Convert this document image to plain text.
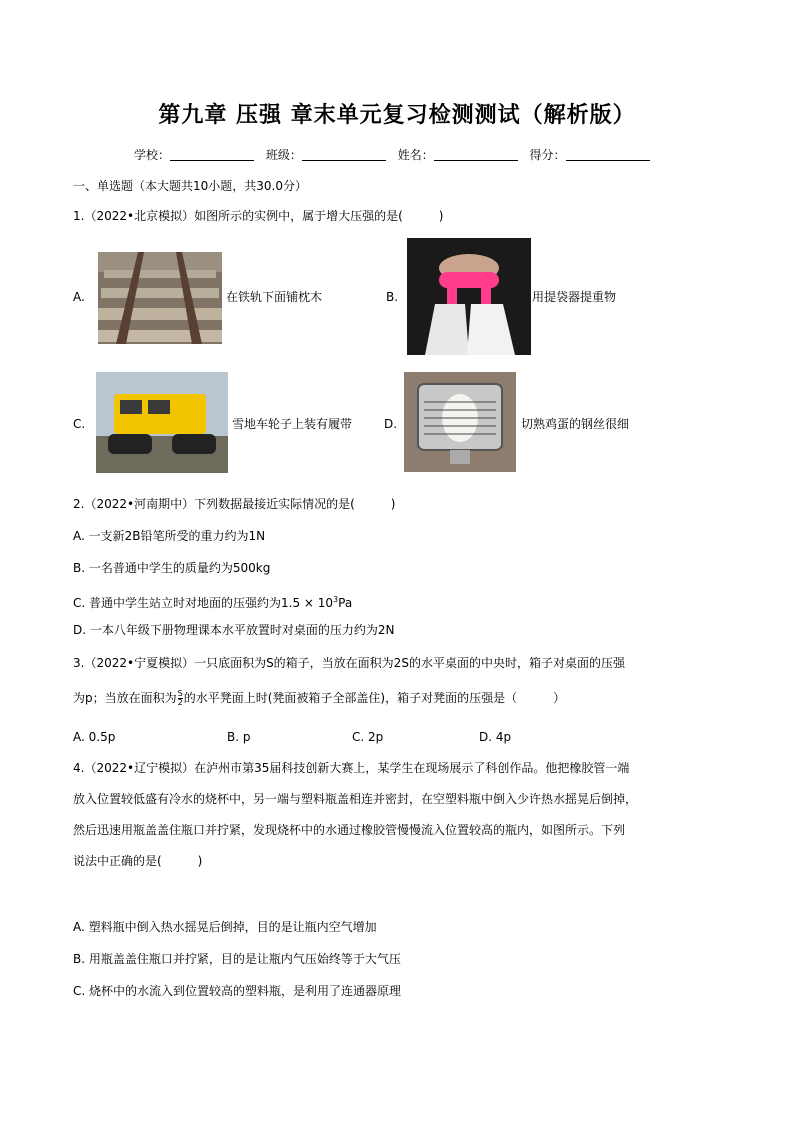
第九章 压强 章末单元复习检测测试（解析版）
学校：	班级：	姓名：	得分：
一、单选题（本大题共10小题，共30.0分）
1.（2022•北京模拟）如图所示的实例中，属于增大压强的是(　　　)
A.	在铁轨下面铺枕木	B.	用提袋器提重物
C.	雪地车轮子上装有履带	D.	切熟鸡蛋的钢丝很细
2.（2022•河南期中）下列数据最接近实际情况的是(　　　)
A. 一支新2B铅笔所受的重力约为1N
B. 一名普通中学生的质量约为500kg
C. 普通中学生站立时对地面的压强约为$1.5 \times 10^3Pa$
D. 一本八年级下册物理课本水平放置时对桌面的压力约为2N
3.（2022•宁夏模拟）一只底面积为S的箱子，当放在面积为2S的水平桌面的中央时，箱子对桌面的压强
为p；当放在面积为 $\frac{S}{2}$ 的水平凳面上时(凳面被箱子全部盖住)，箱子对凳面的压强是（　　　）
A. 0.5p	B. p	C. 2p	D. 4p
4.（2022•辽宁模拟）在泸州市第35届科技创新大赛上，某学生在现场展示了科创作品。他把橡胶管一端
放入位置较低盛有冷水的烧杯中，另一端与塑料瓶盖相连并密封，在空塑料瓶中倒入少许热水摇晃后倒掉，
然后迅速用瓶盖盖住瓶口并拧紧，发现烧杯中的水通过橡胶管慢慢流入位置较高的瓶内，如图所示。下列
说法中正确的是(　　　)
A. 塑料瓶中倒入热水摇晃后倒掉，目的是让瓶内空气增加
B. 用瓶盖盖住瓶口并拧紧，目的是让瓶内气压始终等于大气压
C. 烧杯中的水流入到位置较高的塑料瓶，是利用了连通器原理
